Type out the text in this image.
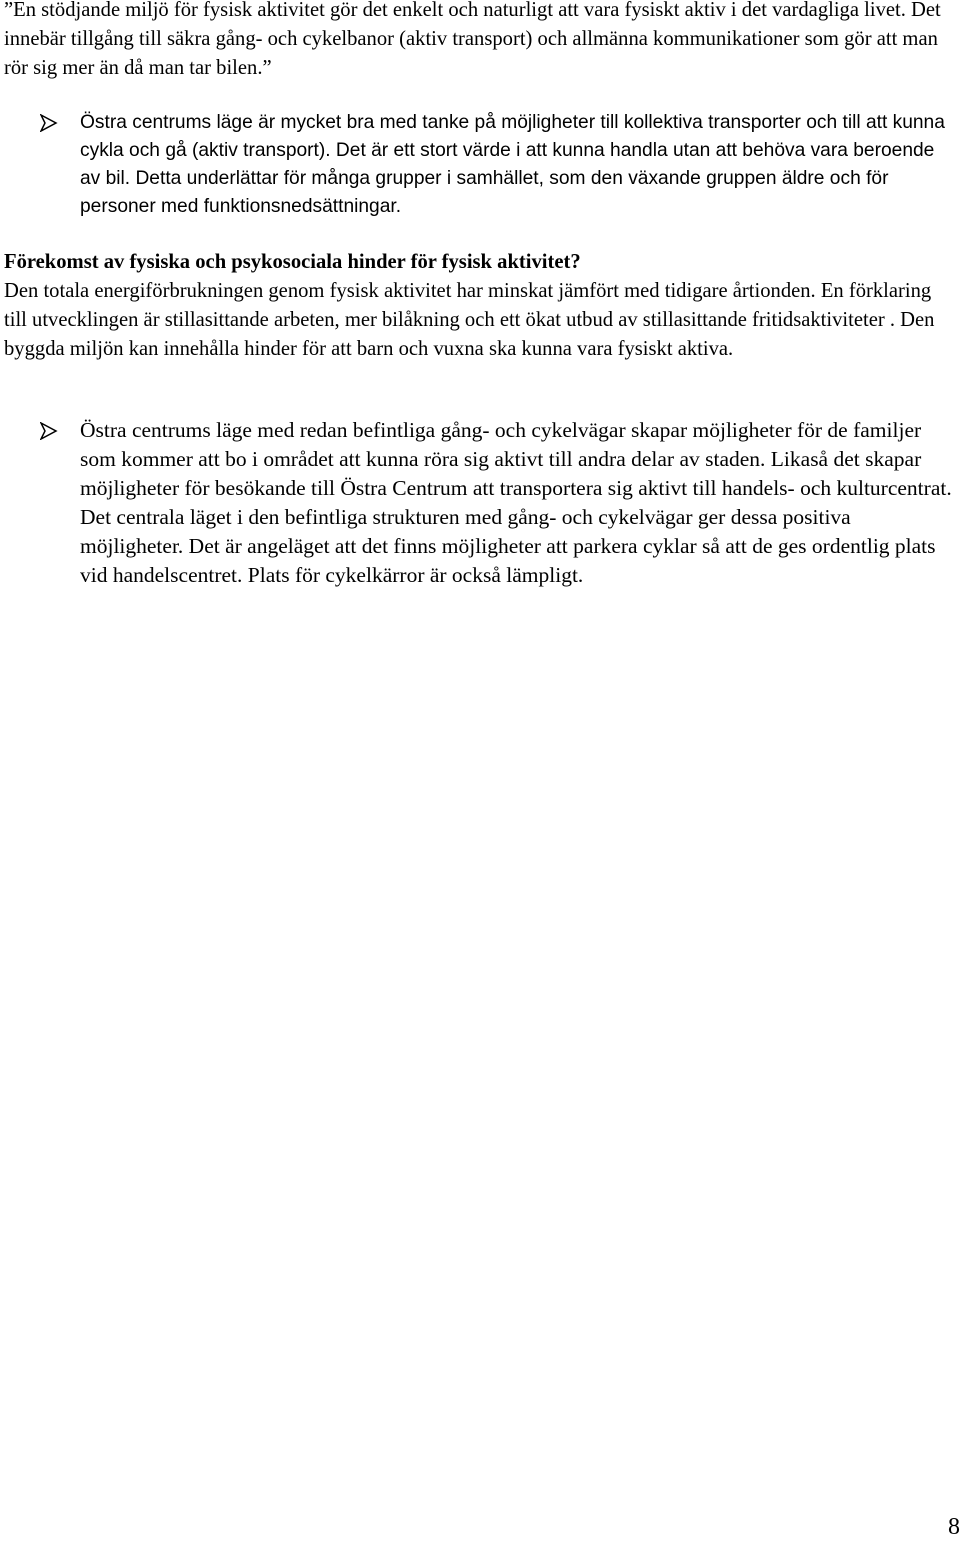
”En stödjande miljö för fysisk aktivitet gör det enkelt och naturligt att vara fysiskt aktiv i det vardagliga livet. Det innebär tillgång till säkra gång- och cykelbanor (aktiv transport) och allmänna kommunikationer som gör att man rör sig mer än då man tar bilen.”

Östra centrums läge är mycket bra med tanke på möjligheter till kollektiva transporter och till att kunna cykla och gå (aktiv transport). Det är ett stort värde i att kunna handla utan att behöva vara beroende av bil. Detta underlättar för många grupper i samhället, som den växande gruppen äldre och för personer med funktionsnedsättningar.

Förekomst av fysiska och psykosociala hinder för fysisk aktivitet?

Den totala energiförbrukningen genom fysisk aktivitet har minskat jämfört med tidigare årtionden. En förklaring till utvecklingen är stillasittande arbeten, mer bilåkning och ett ökat utbud av stillasittande fritidsaktiviteter . Den byggda miljön kan innehålla hinder för att barn och vuxna ska kunna vara fysiskt aktiva.

Östra centrums läge med redan befintliga gång- och cykelvägar skapar möjligheter för de familjer som kommer att bo i området att kunna röra sig aktivt till andra delar av staden. Likaså det skapar möjligheter för besökande till Östra Centrum att transportera sig aktivt till handels- och kulturcentrat. Det centrala läget i den befintliga strukturen med gång- och cykelvägar ger dessa positiva möjligheter. Det är angeläget att det finns möjligheter att parkera cyklar så att de ges ordentlig plats vid handelscentret. Plats för cykelkärror är också lämpligt.

8
